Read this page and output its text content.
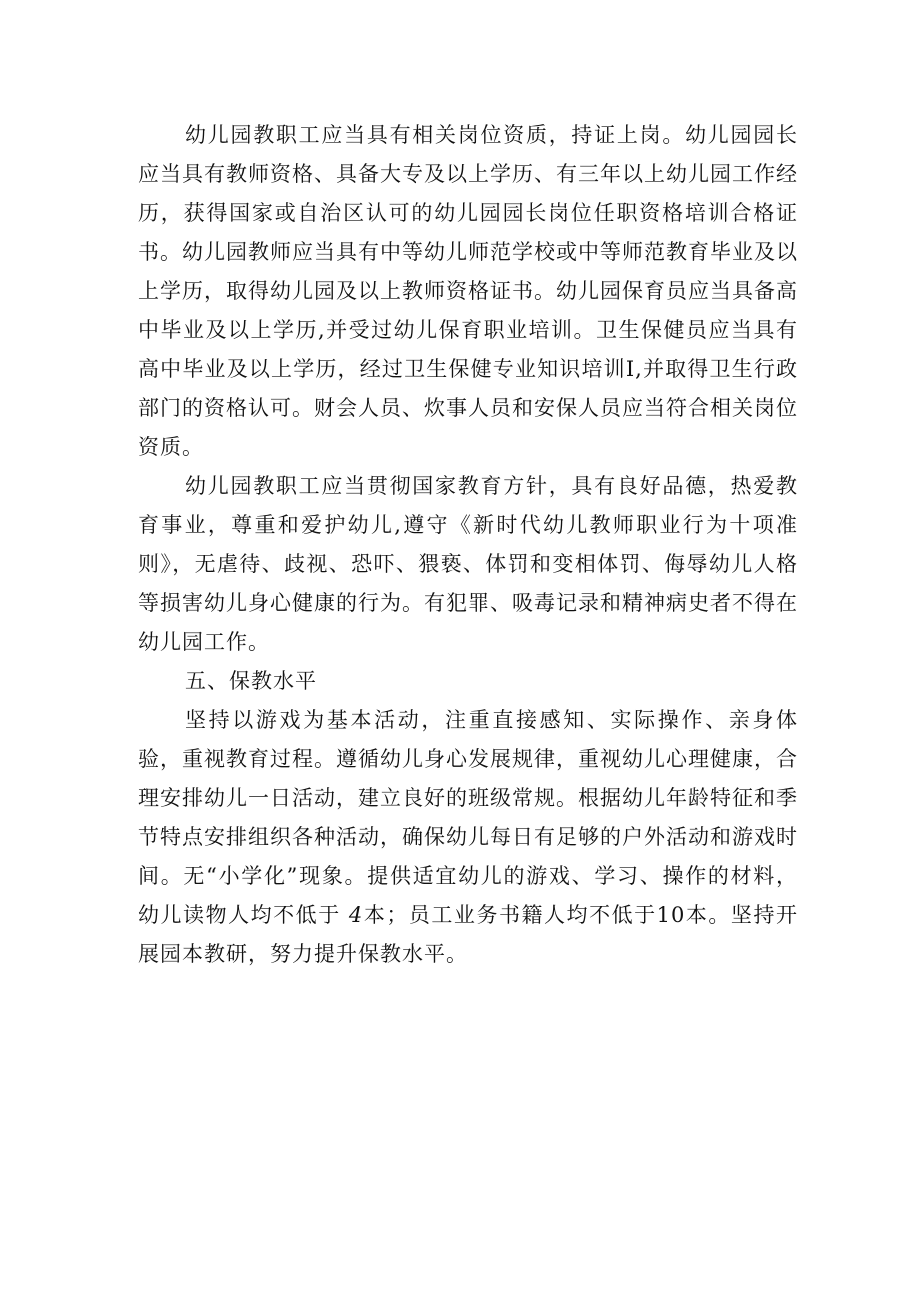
幼儿园教职工应当具有相关岗位资质，持证上岗。幼儿园园长应当具有教师资格、具备大专及以上学历、有三年以上幼儿园工作经历，获得国家或自治区认可的幼儿园园长岗位任职资格培训合格证书。幼儿园教师应当具有中等幼儿师范学校或中等师范教育毕业及以上学历，取得幼儿园及以上教师资格证书。幼儿园保育员应当具备高中毕业及以上学历,并受过幼儿保育职业培训。卫生保健员应当具有高中毕业及以上学历，经过卫生保健专业知识培训I,并取得卫生行政部门的资格认可。财会人员、炊事人员和安保人员应当符合相关岗位资质。

幼儿园教职工应当贯彻国家教育方针，具有良好品德，热爱教育事业，尊重和爱护幼儿,遵守《新时代幼儿教师职业行为十项准则》，无虐待、歧视、恐吓、猥亵、体罚和变相体罚、侮辱幼儿人格等损害幼儿身心健康的行为。有犯罪、吸毒记录和精神病史者不得在幼儿园工作。

五、保教水平

坚持以游戏为基本活动，注重直接感知、实际操作、亲身体验，重视教育过程。遵循幼儿身心发展规律，重视幼儿心理健康，合理安排幼儿一日活动，建立良好的班级常规。根据幼儿年龄特征和季节特点安排组织各种活动，确保幼儿每日有足够的户外活动和游戏时间。无“小学化”现象。提供适宜幼儿的游戏、学习、操作的材料，幼儿读物人均不低于 4本；员工业务书籍人均不低于10本。坚持开展园本教研，努力提升保教水平。
